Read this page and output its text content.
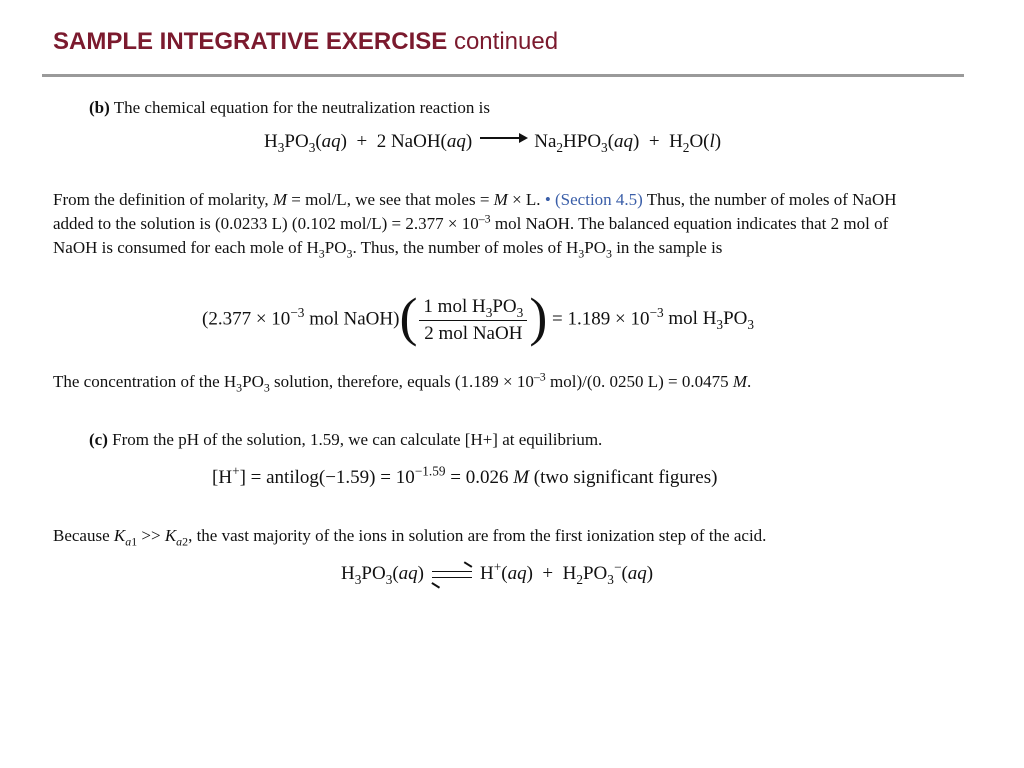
SAMPLE INTEGRATIVE EXERCISE continued
(b) The chemical equation for the neutralization reaction is
$H_3PO_3(aq) + 2$ NaOH(aq) → $Na_2HPO_3(aq) + H_2O(l)$
From the definition of molarity, M = mol/L, we see that moles = M × L. • (Section 4.5) Thus, the number of moles of NaOH added to the solution is (0.0233 L) (0.102 $mol/L) = 2.377 \times 10^{-3}$ mol NaOH. The balanced equation indicates that 2 mol of NaOH is consumed for each mole of $H_3PO_3$. Thus, the number of moles of $H_3PO_3$ in the sample is
($2.377 \times 10^{-3}$ mol NaOH)( $\frac{1 mol H_3PO_3}{\text{2 mol NaOH}}$ ) = $1.189 \times 10^{-3}$ mol $H_3PO_3$
The concentration of the $H_3PO_3$ solution, therefore, equals ($1.189 \times 10^{-3}$ mol)/(0. 0250 L) = 0.0475 M.
(c) From the pH of the solution, 1.59, we can calculate [H+] at equilibrium.
[H+] = antilog(−1.59) = $10^{-1.59} = 0.026$ M (two significant figures)
Because $K_{a1} >> K_{a2}$, the vast majority of the ions in solution are from the first ionization step of the acid.
$H_3PO_3(aq)$	$H^+(aq) + H_2PO_3^-(aq)$
